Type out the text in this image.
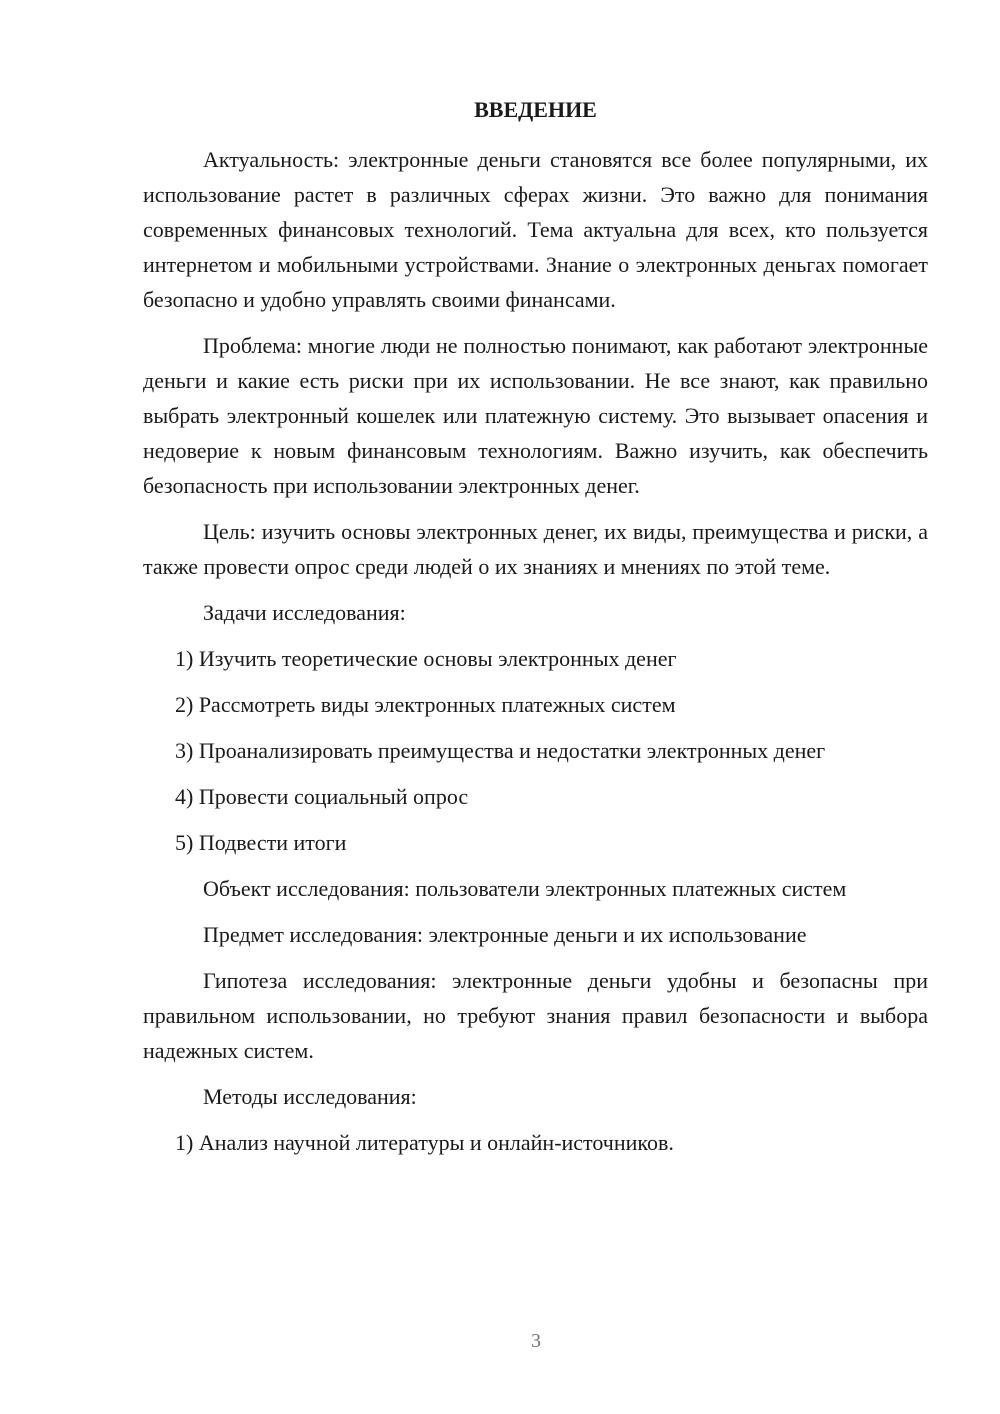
ВВЕДЕНИЕ

Актуальность: электронные деньги становятся все более популярными, их использование растет в различных сферах жизни. Это важно для понимания современных финансовых технологий. Тема актуальна для всех, кто пользуется интернетом и мобильными устройствами. Знание о электронных деньгах помогает безопасно и удобно управлять своими финансами.

Проблема: многие люди не полностью понимают, как работают электронные деньги и какие есть риски при их использовании. Не все знают, как правильно выбрать электронный кошелек или платежную систему. Это вызывает опасения и недоверие к новым финансовым технологиям. Важно изучить, как обеспечить безопасность при использовании электронных денег.

Цель: изучить основы электронных денег, их виды, преимущества и риски, а также провести опрос среди людей о их знаниях и мнениях по этой теме.

Задачи исследования:

1) Изучить теоретические основы электронных денег

2) Рассмотреть виды электронных платежных систем

3) Проанализировать преимущества и недостатки электронных денег

4) Провести социальный опрос

5) Подвести итоги

Объект исследования: пользователи электронных платежных систем

Предмет исследования: электронные деньги и их использование

Гипотеза исследования: электронные деньги удобны и безопасны при правильном использовании, но требуют знания правил безопасности и выбора надежных систем.

Методы исследования:

1) Анализ научной литературы и онлайн-источников.

3
